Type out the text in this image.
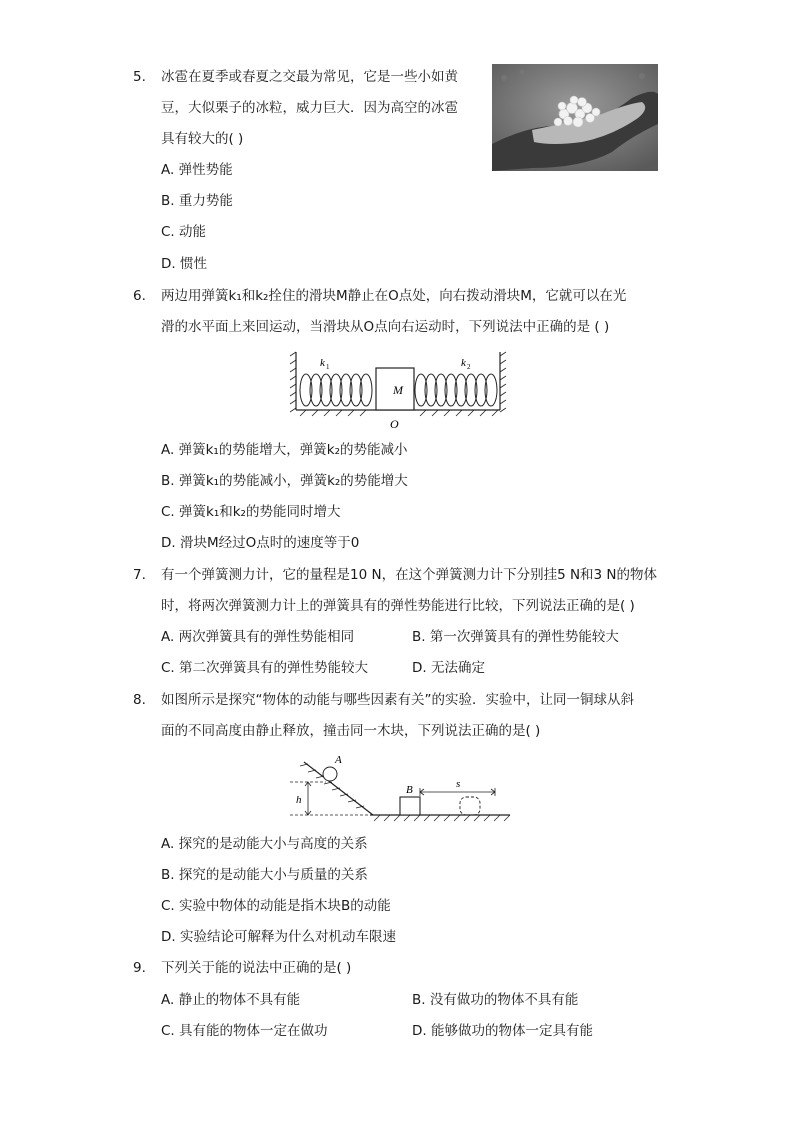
5. 冰雹在夏季或春夏之交最为常见，它是一些小如黄
豆，大似栗子的冰粒，威力巨大．因为高空的冰雹
具有较大的( )
A. 弹性势能
B. 重力势能
C. 动能
D. 惯性
6. 两边用弹簧k₁和k₂拴住的滑块M静止在O点处，向右拨动滑块M，它就可以在光
滑的水平面上来回运动，当滑块从O点向右运动时，下列说法中正确的是 ( )
M
k 1	k 2
O
A. 弹簧k₁的势能增大，弹簧k₂的势能减小
B. 弹簧k₁的势能减小，弹簧k₂的势能增大
C. 弹簧k₁和k₂的势能同时增大
D. 滑块M经过O点时的速度等于0
7. 有一个弹簧测力计，它的量程是10 N，在这个弹簧测力计下分别挂5 N和3 N的物体
时，将两次弹簧测力计上的弹簧具有的弹性势能进行比较，下列说法正确的是( )
A. 两次弹簧具有的弹性势能相同	B. 第一次弹簧具有的弹性势能较大
C. 第二次弹簧具有的弹性势能较大	D. 无法确定
8. 如图所示是探究“物体的动能与哪些因素有关”的实验．实验中，让同一铜球从斜
面的不同高度由静止释放，撞击同一木块，下列说法正确的是( )
A
h
B	s
A. 探究的是动能大小与高度的关系
B. 探究的是动能大小与质量的关系
C. 实验中物体的动能是指木块B的动能
D. 实验结论可解释为什么对机动车限速
9. 下列关于能的说法中正确的是( )
A. 静止的物体不具有能	B. 没有做功的物体不具有能
C. 具有能的物体一定在做功	D. 能够做功的物体一定具有能
